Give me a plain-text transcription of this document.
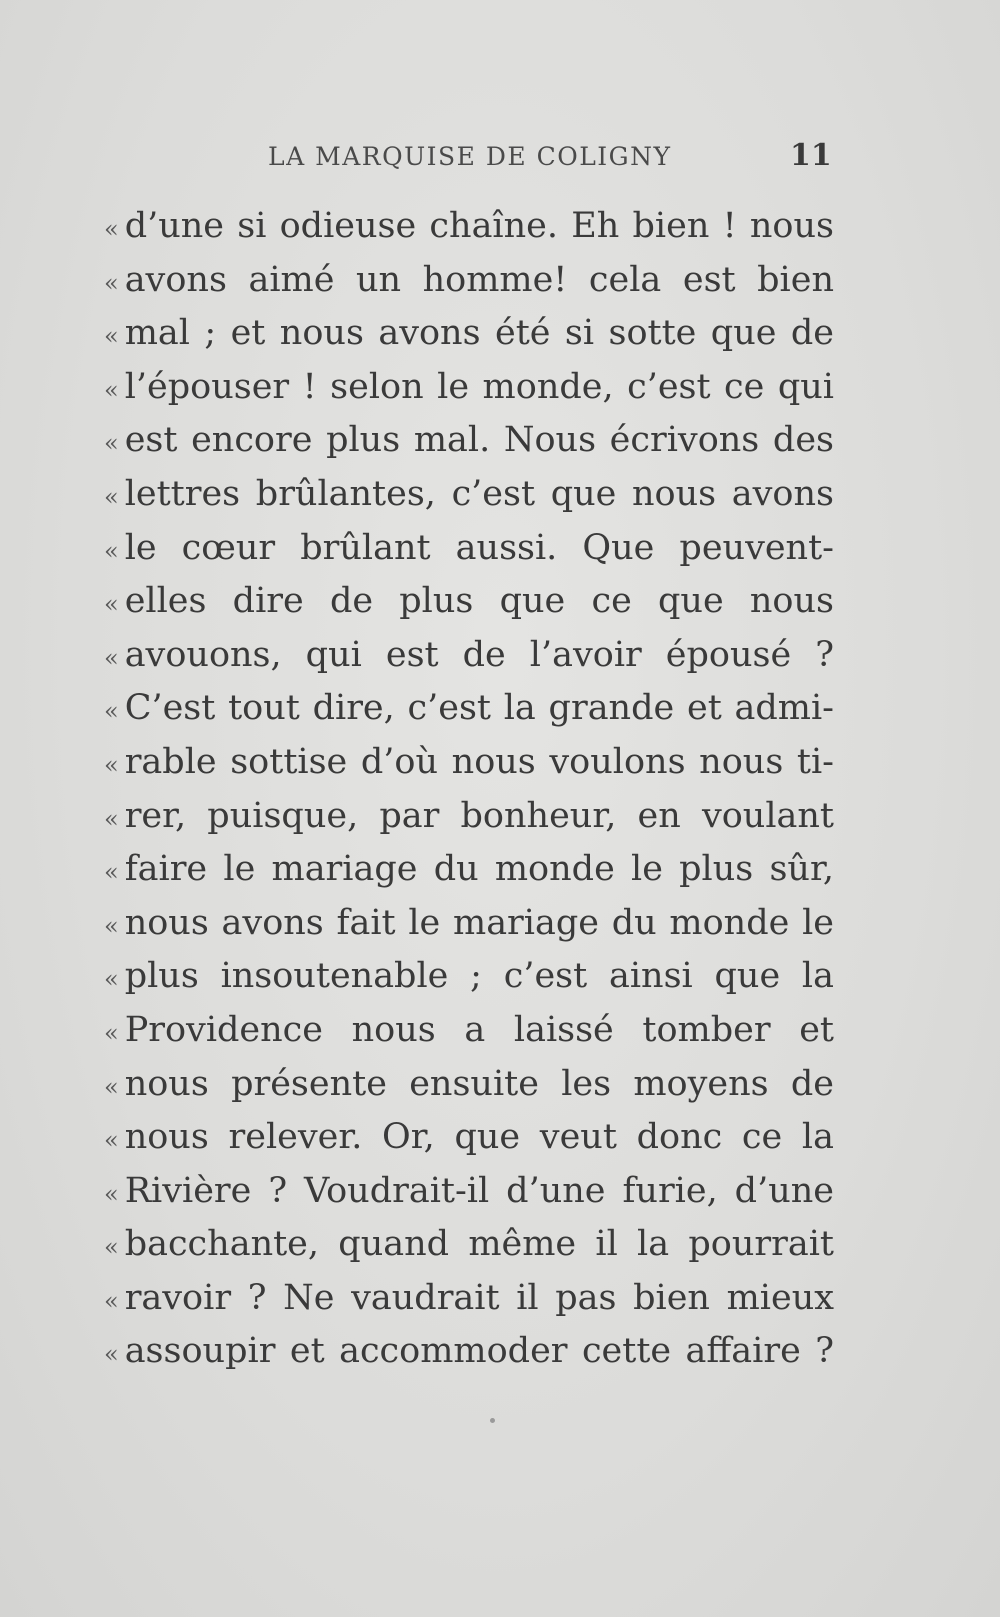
LA MARQUISE DE COLIGNY	11
« d’une si odieuse chaîne. Eh bien ! nous
« avons aimé un homme! cela est bien
« mal ; et nous avons été si sotte que de
« l’épouser ! selon le monde, c’est ce qui
« est encore plus mal. Nous écrivons des
« lettres brûlantes, c’est que nous avons
« le cœur brûlant aussi. Que peuvent-
« elles dire de plus que ce que nous
« avouons, qui est de l’avoir épousé ?
« C’est tout dire, c’est la grande et admi-
« rable sottise d’où nous voulons nous ti-
« rer, puisque, par bonheur, en voulant
« faire le mariage du monde le plus sûr,
« nous avons fait le mariage du monde le
« plus insoutenable ; c’est ainsi que la
« Providence nous a laissé tomber et
« nous présente ensuite les moyens de
« nous relever. Or, que veut donc ce la
« Rivière ? Voudrait-il d’une furie, d’une
« bacchante, quand même il la pourrait
« ravoir ? Ne vaudrait il pas bien mieux
« assoupir et accommoder cette affaire ?
